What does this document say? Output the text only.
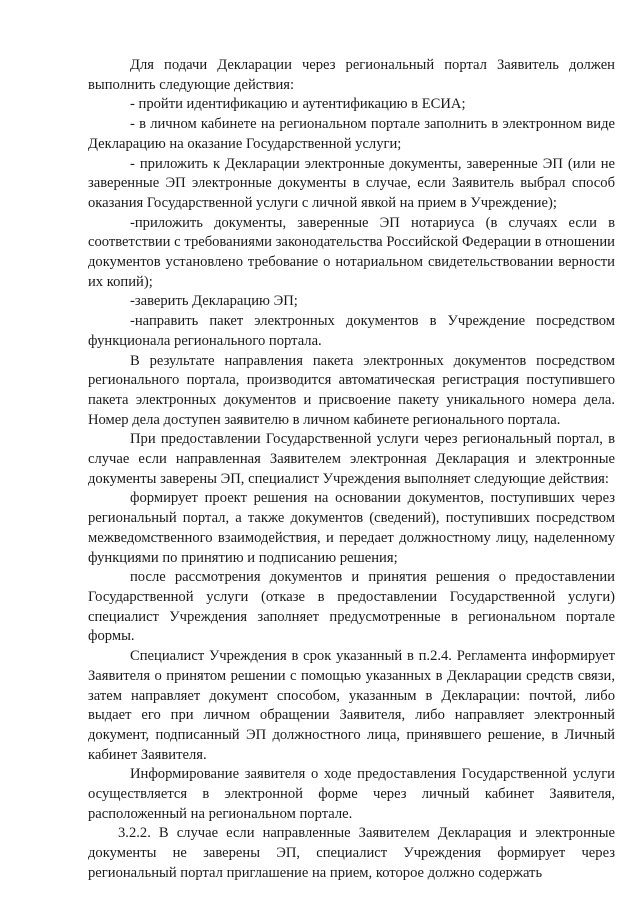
Для подачи Декларации через региональный портал Заявитель должен выполнить следующие действия:

- пройти идентификацию и аутентификацию в ЕСИА;

- в личном кабинете на региональном портале заполнить в электронном виде Декларацию на оказание Государственной услуги;

- приложить к Декларации электронные документы, заверенные ЭП (или не заверенные ЭП электронные документы в случае, если Заявитель выбрал способ оказания Государственной услуги с личной явкой на прием в Учреждение);

-приложить документы, заверенные ЭП нотариуса (в случаях если в соответствии с требованиями законодательства Российской Федерации в отношении документов установлено требование о нотариальном свидетельствовании верности их копий);

-заверить Декларацию ЭП;

-направить пакет электронных документов в Учреждение посредством функционала регионального портала.

В результате направления пакета электронных документов посредством регионального портала, производится автоматическая регистрация поступившего пакета электронных документов и присвоение пакету уникального номера дела. Номер дела доступен заявителю в личном кабинете регионального портала.

При предоставлении Государственной услуги через региональный портал, в случае если направленная Заявителем электронная Декларация и электронные документы заверены ЭП, специалист Учреждения выполняет следующие действия:

формирует проект решения на основании документов, поступивших через региональный портал, а также документов (сведений), поступивших посредством межведомственного взаимодействия, и передает должностному лицу, наделенному функциями по принятию и подписанию решения;

после рассмотрения документов и принятия решения о предоставлении Государственной услуги (отказе в предоставлении Государственной услуги) специалист Учреждения заполняет предусмотренные в региональном портале формы.

Специалист Учреждения в срок указанный в п.2.4. Регламента информирует Заявителя о принятом решении с помощью указанных в Декларации средств связи, затем направляет документ способом, указанным в Декларации: почтой, либо выдает его при личном обращении Заявителя, либо направляет электронный документ, подписанный ЭП должностного лица, принявшего решение, в Личный кабинет Заявителя.

Информирование заявителя о ходе предоставления Государственной услуги осуществляется в электронной форме через личный кабинет Заявителя, расположенный на региональном портале.

3.2.2. В случае если направленные Заявителем Декларация и электронные документы не заверены ЭП, специалист Учреждения формирует через региональный портал приглашение на прием, которое должно содержать
